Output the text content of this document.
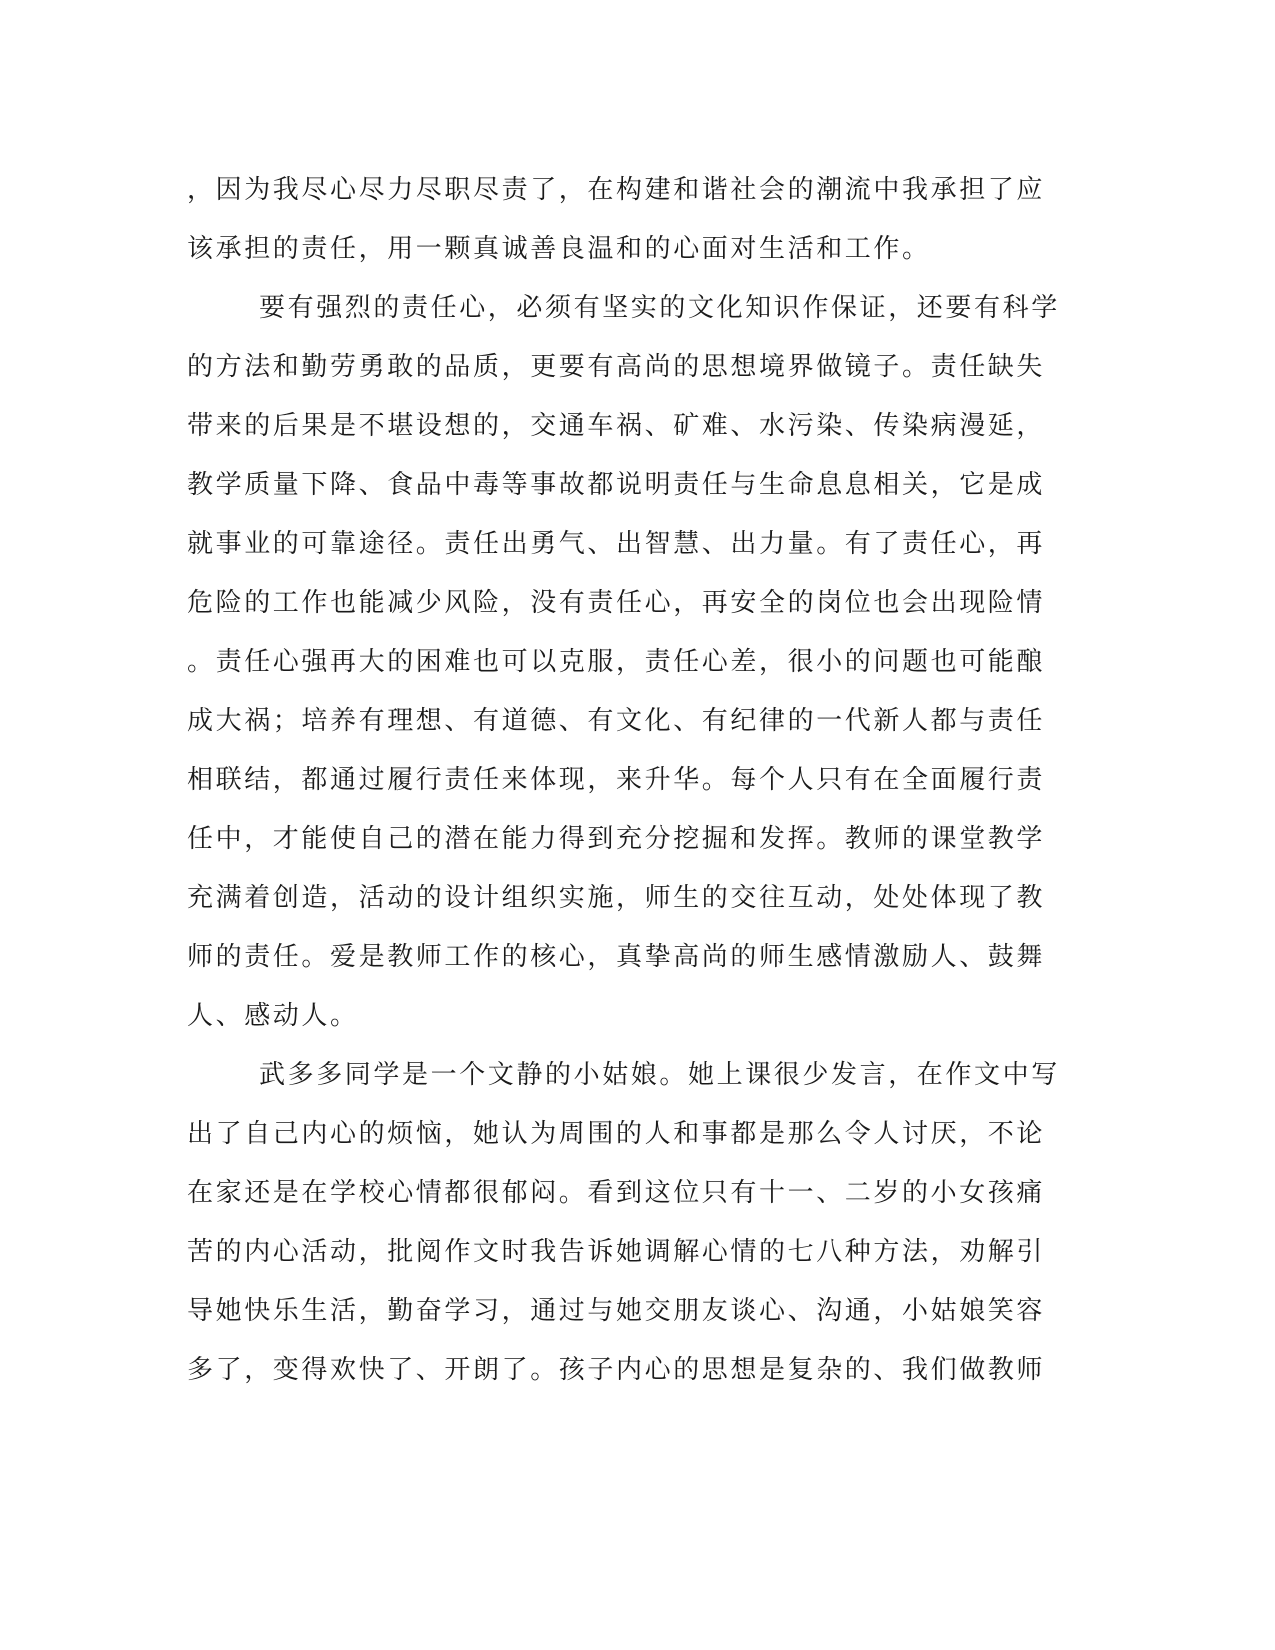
，因为我尽心尽力尽职尽责了，在构建和谐社会的潮流中我承担了应
该承担的责任，用一颗真诚善良温和的心面对生活和工作。
要有强烈的责任心，必须有坚实的文化知识作保证，还要有科学
的方法和勤劳勇敢的品质，更要有高尚的思想境界做镜子。责任缺失
带来的后果是不堪设想的，交通车祸、矿难、水污染、传染病漫延，
教学质量下降、食品中毒等事故都说明责任与生命息息相关，它是成
就事业的可靠途径。责任出勇气、出智慧、出力量。有了责任心，再
危险的工作也能减少风险，没有责任心，再安全的岗位也会出现险情
。责任心强再大的困难也可以克服，责任心差，很小的问题也可能酿
成大祸；培养有理想、有道德、有文化、有纪律的一代新人都与责任
相联结，都通过履行责任来体现，来升华。每个人只有在全面履行责
任中，才能使自己的潜在能力得到充分挖掘和发挥。教师的课堂教学
充满着创造，活动的设计组织实施，师生的交往互动，处处体现了教
师的责任。爱是教师工作的核心，真挚高尚的师生感情激励人、鼓舞
人、感动人。
武多多同学是一个文静的小姑娘。她上课很少发言，在作文中写
出了自己内心的烦恼，她认为周围的人和事都是那么令人讨厌，不论
在家还是在学校心情都很郁闷。看到这位只有十一、二岁的小女孩痛
苦的内心活动，批阅作文时我告诉她调解心情的七八种方法，劝解引
导她快乐生活，勤奋学习，通过与她交朋友谈心、沟通，小姑娘笑容
多了，变得欢快了、开朗了。孩子内心的思想是复杂的、我们做教师
